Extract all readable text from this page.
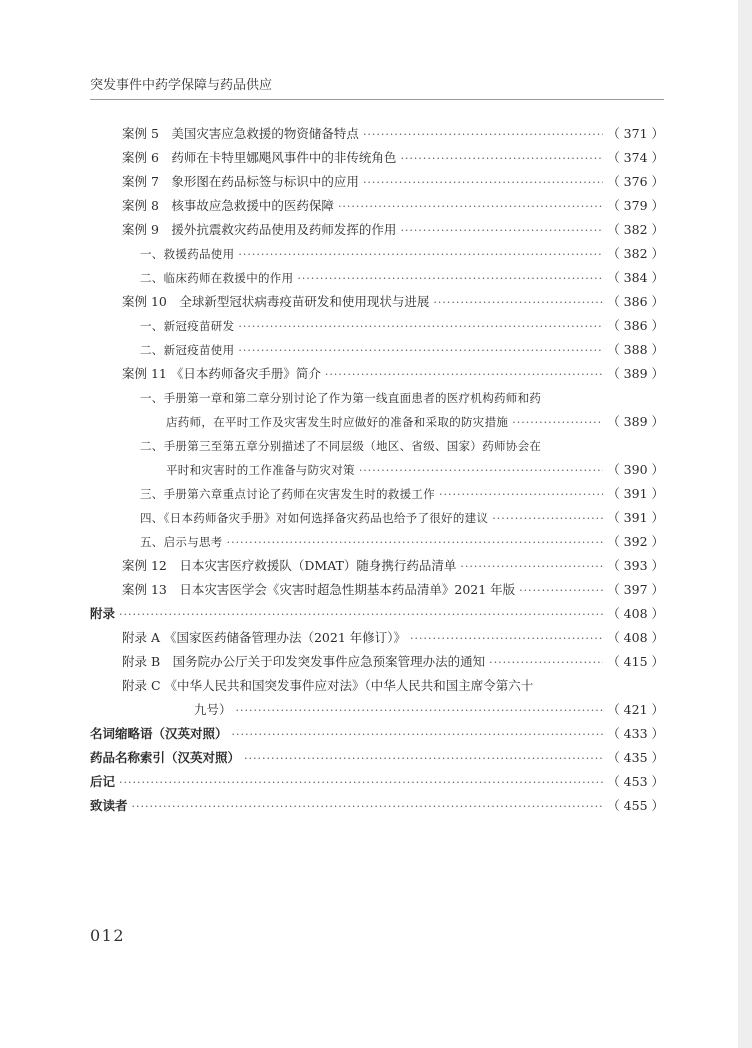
突发事件中药学保障与药品供应
案例 5　美国灾害应急救援的物资储备特点 ·····	（ 371 ）
案例 6　药师在卡特里娜飓风事件中的非传统角色 ·····	（ 374 ）
案例 7　象形图在药品标签与标识中的应用 ·····	（ 376 ）
案例 8　核事故应急救援中的医药保障 ·····	（ 379 ）
案例 9　援外抗震救灾药品使用及药师发挥的作用 ·····	（ 382 ）
一、救援药品使用 ·····	（ 382 ）
二、临床药师在救援中的作用 ·····	（ 384 ）
案例 10　全球新型冠状病毒疫苗研发和使用现状与进展 ·····	（ 386 ）
一、新冠疫苗研发 ·····	（ 386 ）
二、新冠疫苗使用 ·····	（ 388 ）
案例 11 《日本药师备灾手册》简介 ·····	（ 389 ）
一、手册第一章和第二章分别讨论了作为第一线直面患者的医疗机构药师和药
店药师，在平时工作及灾害发生时应做好的准备和采取的防灾措施 ·····	（ 389 ）
二、手册第三至第五章分别描述了不同层级（地区、省级、国家）药师协会在
平时和灾害时的工作准备与防灾对策 ·····	（ 390 ）
三、手册第六章重点讨论了药师在灾害发生时的救援工作 ·····	（ 391 ）
四、《日本药师备灾手册》对如何选择备灾药品也给予了很好的建议 ·····	（ 391 ）
五、启示与思考 ·····	（ 392 ）
案例 12　日本灾害医疗救援队（DMAT）随身携行药品清单 ·····	（ 393 ）
案例 13　日本灾害医学会《灾害时超急性期基本药品清单》2021 年版 ·····	（ 397 ）
附录 ·····	（ 408 ）
附录 A 《国家医药储备管理办法（2021 年修订）》 ·····	（ 408 ）
附录 B　国务院办公厅关于印发突发事件应急预案管理办法的通知 ·····	（ 415 ）
附录 C 《中华人民共和国突发事件应对法》（中华人民共和国主席令第六十
九号） ·····	（ 421 ）
名词缩略语（汉英对照） ·····	（ 433 ）
药品名称索引（汉英对照） ·····	（ 435 ）
后记 ·····	（ 453 ）
致读者 ·····	（ 455 ）
012
